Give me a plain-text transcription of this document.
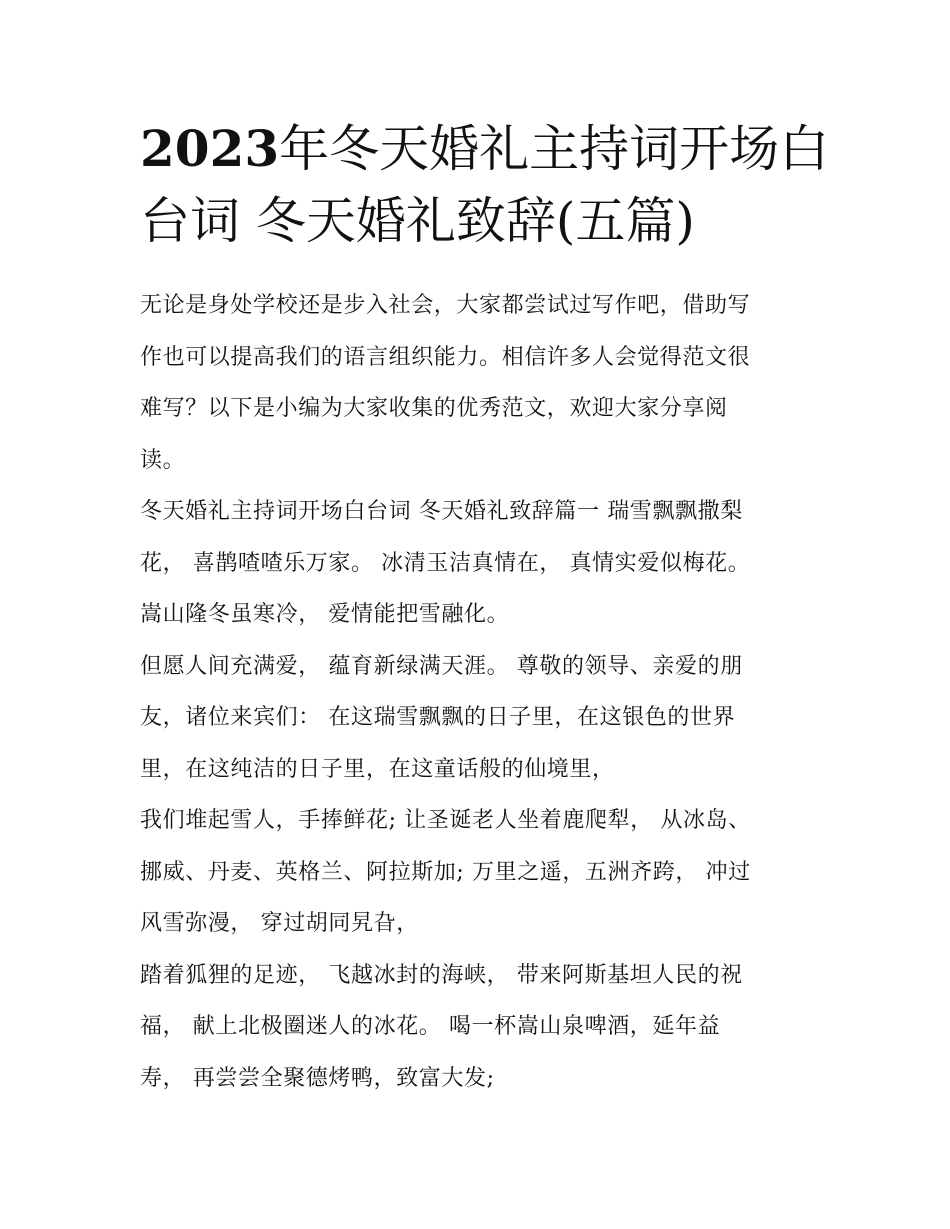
2023年冬天婚礼主持词开场白
台词 冬天婚礼致辞(五篇)

无论是身处学校还是步入社会，大家都尝试过写作吧，借助写
作也可以提高我们的语言组织能力。相信许多人会觉得范文很
难写？以下是小编为大家收集的优秀范文，欢迎大家分享阅
读。

冬天婚礼主持词开场白台词 冬天婚礼致辞篇一 瑞雪飘飘撒梨
花， 喜鹊喳喳乐万家。 冰清玉洁真情在， 真情实爱似梅花。
嵩山隆冬虽寒冷， 爱情能把雪融化。

但愿人间充满爱， 蕴育新绿满天涯。 尊敬的领导、亲爱的朋
友，诸位来宾们： 在这瑞雪飘飘的日子里，在这银色的世界
里，在这纯洁的日子里，在这童话般的仙境里，

我们堆起雪人，手捧鲜花; 让圣诞老人坐着鹿爬犁， 从冰岛、
挪威、丹麦、英格兰、阿拉斯加; 万里之遥，五洲齐跨， 冲过
风雪弥漫， 穿过胡同旯旮，

踏着狐狸的足迹， 飞越冰封的海峡， 带来阿斯基坦人民的祝
福， 献上北极圈迷人的冰花。 喝一杯嵩山泉啤酒，延年益
寿， 再尝尝全聚德烤鸭，致富大发;
